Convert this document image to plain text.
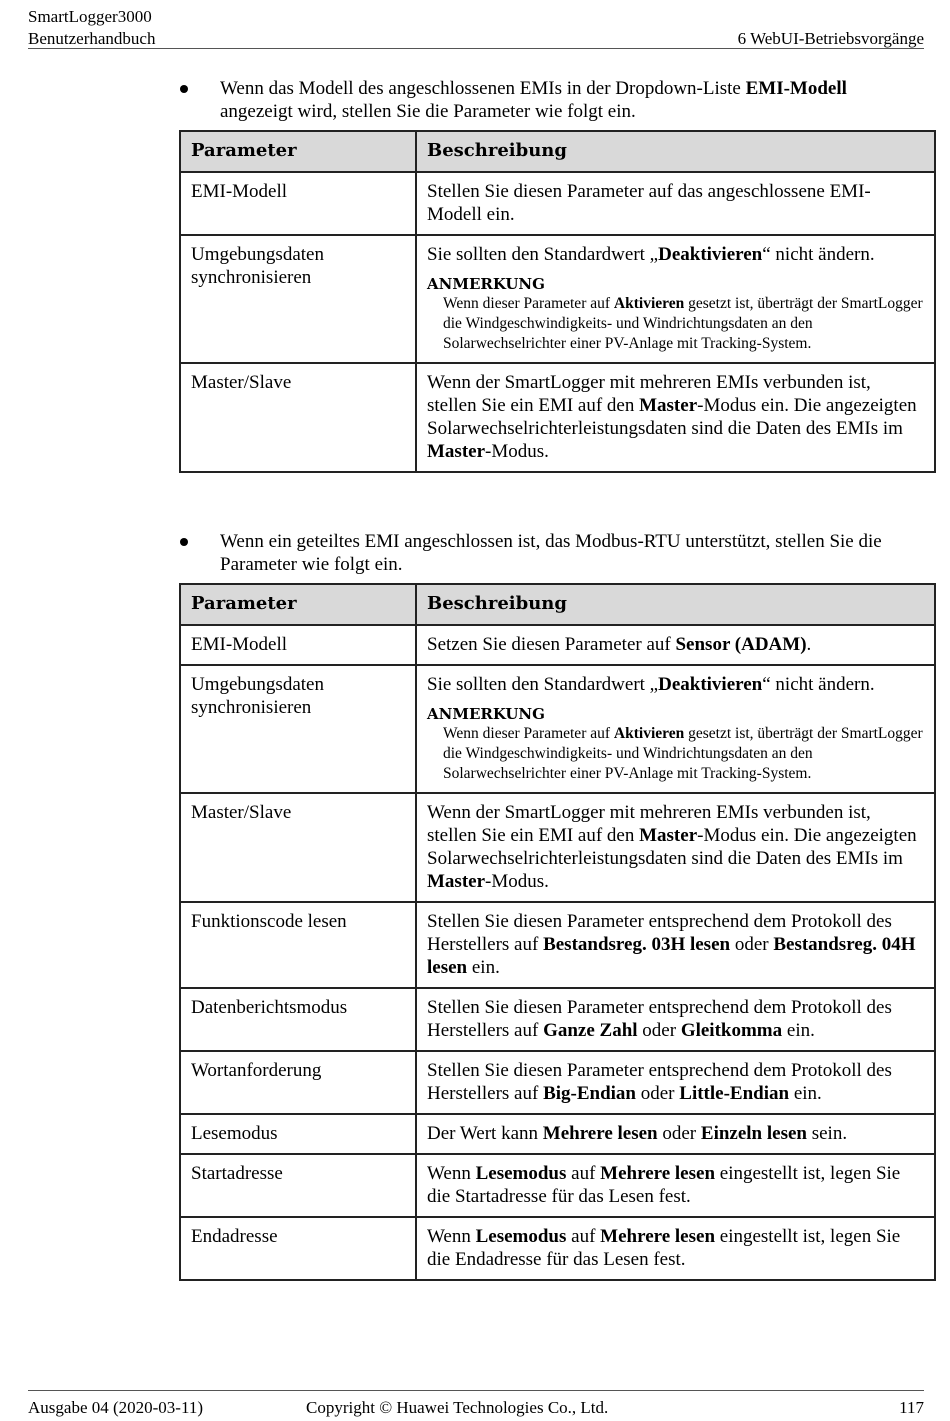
SmartLogger3000
Benutzerhandbuch	6 WebUI-Betriebsvorgänge
Wenn das Modell des angeschlossenen EMIs in der Dropdown-Liste EMI-Modell angezeigt wird, stellen Sie die Parameter wie folgt ein.
Parameter	Beschreibung
EMI-Modell	Stellen Sie diesen Parameter auf das angeschlossene EMI-Modell ein.

Umgebungsdaten synchronisieren	Sie sollten den Standardwert „Deaktivieren“ nicht ändern.
ANMERKUNG
Wenn dieser Parameter auf Aktivieren gesetzt ist, überträgt der SmartLogger die Windgeschwindigkeits- und Windrichtungsdaten an den Solarwechselrichter einer PV-Anlage mit Tracking-System.

Master/Slave	Wenn der SmartLogger mit mehreren EMIs verbunden ist, stellen Sie ein EMI auf den Master-Modus ein. Die angezeigten Solarwechselrichterleistungsdaten sind die Daten des EMIs im Master-Modus.
Wenn ein geteiltes EMI angeschlossen ist, das Modbus-RTU unterstützt, stellen Sie die Parameter wie folgt ein.
Parameter	Beschreibung
EMI-Modell	Setzen Sie diesen Parameter auf Sensor (ADAM).

Umgebungsdaten synchronisieren	Sie sollten den Standardwert „Deaktivieren“ nicht ändern.
ANMERKUNG
Wenn dieser Parameter auf Aktivieren gesetzt ist, überträgt der SmartLogger die Windgeschwindigkeits- und Windrichtungsdaten an den Solarwechselrichter einer PV-Anlage mit Tracking-System.

Master/Slave	Wenn der SmartLogger mit mehreren EMIs verbunden ist, stellen Sie ein EMI auf den Master-Modus ein. Die angezeigten Solarwechselrichterleistungsdaten sind die Daten des EMIs im Master-Modus.

Funktionscode lesen	Stellen Sie diesen Parameter entsprechend dem Protokoll des Herstellers auf Bestandsreg. 03H lesen oder Bestandsreg. 04H lesen ein.

Datenberichtsmodus	Stellen Sie diesen Parameter entsprechend dem Protokoll des Herstellers auf Ganze Zahl oder Gleitkomma ein.

Wortanforderung	Stellen Sie diesen Parameter entsprechend dem Protokoll des Herstellers auf Big-Endian oder Little-Endian ein.

Lesemodus	Der Wert kann Mehrere lesen oder Einzeln lesen sein.

Startadresse	Wenn Lesemodus auf Mehrere lesen eingestellt ist, legen Sie die Startadresse für das Lesen fest.

Endadresse	Wenn Lesemodus auf Mehrere lesen eingestellt ist, legen Sie die Endadresse für das Lesen fest.
Ausgabe 04 (2020-03-11)	Copyright © Huawei Technologies Co., Ltd.	117
